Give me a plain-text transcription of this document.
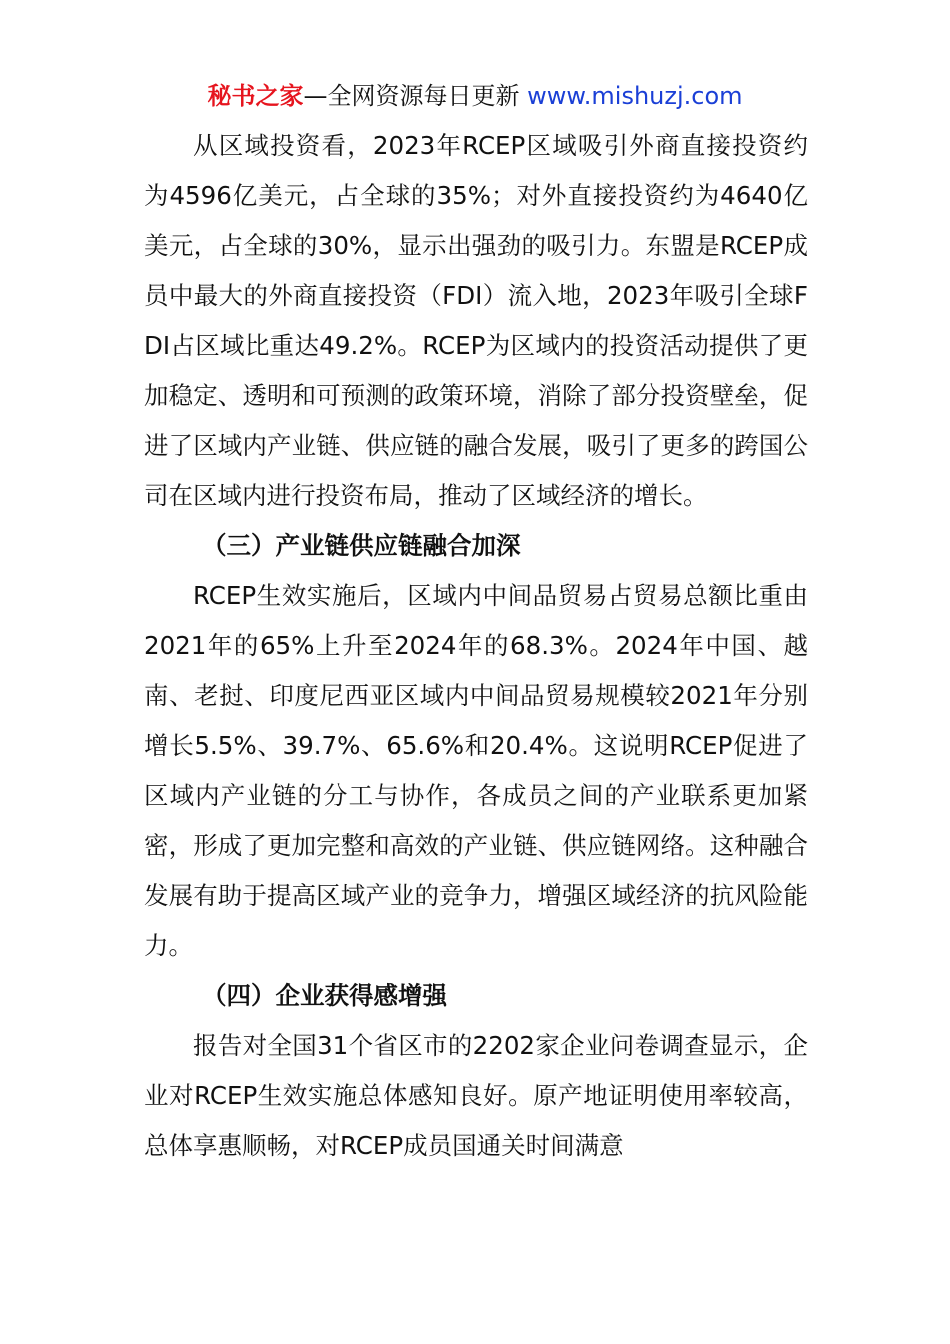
秘书之家—全网资源每日更新 www.mishuzj.com

从区域投资看，2023年RCEP区域吸引外商直接投资约为4596亿美元，占全球的35%；对外直接投资约为4640亿美元，占全球的30%，显示出强劲的吸引力。东盟是RCEP成员中最大的外商直接投资（FDI）流入地，2023年吸引全球FDI占区域比重达49.2%。RCEP为区域内的投资活动提供了更加稳定、透明和可预测的政策环境，消除了部分投资壁垒，促进了区域内产业链、供应链的融合发展，吸引了更多的跨国公司在区域内进行投资布局，推动了区域经济的增长。

（三）产业链供应链融合加深

RCEP生效实施后，区域内中间品贸易占贸易总额比重由2021年的65%上升至2024年的68.3%。2024年中国、越南、老挝、印度尼西亚区域内中间品贸易规模较2021年分别增长5.5%、39.7%、65.6%和20.4%。这说明RCEP促进了区域内产业链的分工与协作，各成员之间的产业联系更加紧密，形成了更加完整和高效的产业链、供应链网络。这种融合发展有助于提高区域产业的竞争力，增强区域经济的抗风险能力。

（四）企业获得感增强

报告对全国31个省区市的2202家企业问卷调查显示，企业对RCEP生效实施总体感知良好。原产地证明使用率较高，总体享惠顺畅，对RCEP成员国通关时间满意
